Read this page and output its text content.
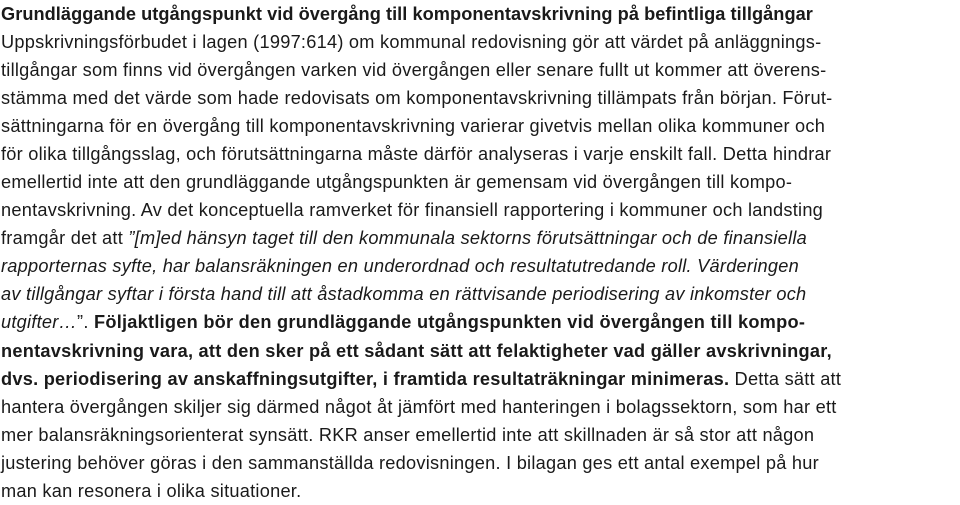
Grundläggande utgångspunkt vid övergång till komponentavskrivning på befintliga tillgångar
Uppskrivningsförbudet i lagen (1997:614) om kommunal redovisning gör att värdet på anläggnings-
tillgångar som finns vid övergången varken vid övergången eller senare fullt ut kommer att överens-
stämma med det värde som hade redovisats om komponentavskrivning tillämpats från början. Förut-
sättningarna för en övergång till komponentavskrivning varierar givetvis mellan olika kommuner och
för olika tillgångsslag, och förutsättningarna måste därför analyseras i varje enskilt fall. Detta hindrar
emellertid inte att den grundläggande utgångspunkten är gemensam vid övergången till kompo-
nentavskrivning. Av det konceptuella ramverket för finansiell rapportering i kommuner och landsting
framgår det att ”[m]ed hänsyn taget till den kommunala sektorns förutsättningar och de finansiella
rapporternas syfte, har balansräkningen en underordnad och resultatutredande roll. Värderingen
av tillgångar syftar i första hand till att åstadkomma en rättvisande periodisering av inkomster och
utgifter…”. Följaktligen bör den grundläggande utgångspunkten vid övergången till kompo-
nentavskrivning vara, att den sker på ett sådant sätt att felaktigheter vad gäller avskrivningar,
dvs. periodisering av anskaffningsutgifter, i framtida resultaträkningar minimeras. Detta sätt att
hantera övergången skiljer sig därmed något åt jämfört med hanteringen i bolagssektorn, som har ett
mer balansräkningsorienterat synsätt. RKR anser emellertid inte att skillnaden är så stor att någon
justering behöver göras i den sammanställda redovisningen. I bilagan ges ett antal exempel på hur
man kan resonera i olika situationer.
